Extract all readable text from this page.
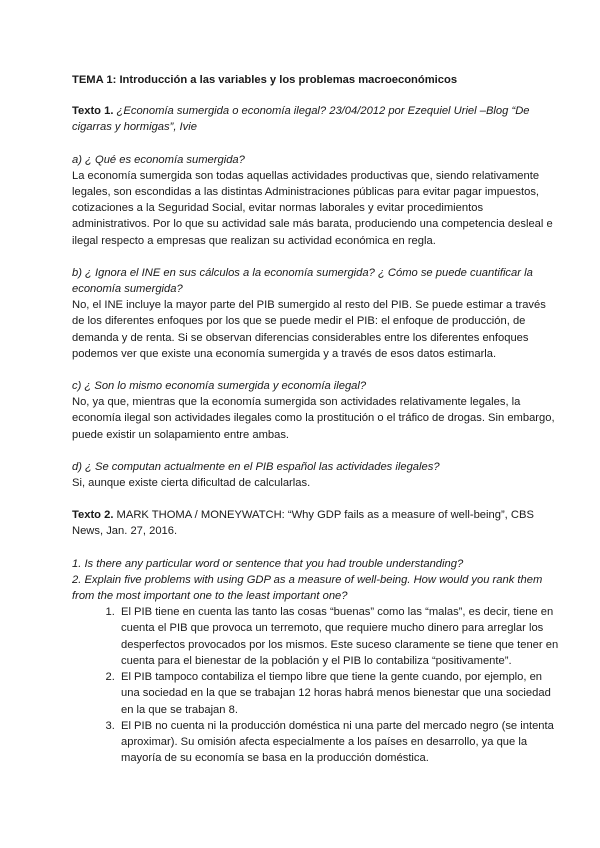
TEMA 1: Introducción a las variables y los problemas macroeconómicos

Texto 1. ¿Economía sumergida o economía ilegal? 23/04/2012 por Ezequiel Uriel –Blog “De cigarras y hormigas”, Ivie

a) ¿ Qué es economía sumergida?

La economía sumergida son todas aquellas actividades productivas que, siendo relativamente legales, son escondidas a las distintas Administraciones públicas para evitar pagar impuestos, cotizaciones a la Seguridad Social, evitar normas laborales y evitar procedimientos administrativos. Por lo que su actividad sale más barata, produciendo una competencia desleal e ilegal respecto a empresas que realizan su actividad económica en regla.

b) ¿ Ignora el INE en sus cálculos a la economía sumergida? ¿ Cómo se puede cuantificar la economía sumergida?

No, el INE incluye la mayor parte del PIB sumergido al resto del PIB. Se puede estimar a través de los diferentes enfoques por los que se puede medir el PIB: el enfoque de producción, de demanda y de renta. Si se observan diferencias considerables entre los diferentes enfoques podemos ver que existe una economía sumergida y a través de esos datos estimarla.

c) ¿ Son lo mismo economía sumergida y economía ilegal?

No, ya que, mientras que la economía sumergida son actividades relativamente legales, la economía ilegal son actividades ilegales como la prostitución o el tráfico de drogas. Sin embargo, puede existir un solapamiento entre ambas.

d) ¿ Se computan actualmente en el PIB español las actividades ilegales?

Si, aunque existe cierta dificultad de calcularlas.

Texto 2. MARK THOMA / MONEYWATCH: “Why GDP fails as a measure of well-being”, CBS News, Jan. 27, 2016.

1. Is there any particular word or sentence that you had trouble understanding?

2. Explain five problems with using GDP as a measure of well-being. How would you rank them from the most important one to the least important one?

1. El PIB tiene en cuenta las tanto las cosas “buenas” como las “malas”, es decir, tiene en cuenta el PIB que provoca un terremoto, que requiere mucho dinero para arreglar los desperfectos provocados por los mismos. Este suceso claramente se tiene que tener en cuenta para el bienestar de la población y el PIB lo contabiliza “positivamente”.
2. El PIB tampoco contabiliza el tiempo libre que tiene la gente cuando, por ejemplo, en una sociedad en la que se trabajan 12 horas habrá menos bienestar que una sociedad en la que se trabajan 8.
3. El PIB no cuenta ni la producción doméstica ni una parte del mercado negro (se intenta aproximar). Su omisión afecta especialmente a los países en desarrollo, ya que la mayoría de su economía se basa en la producción doméstica.
